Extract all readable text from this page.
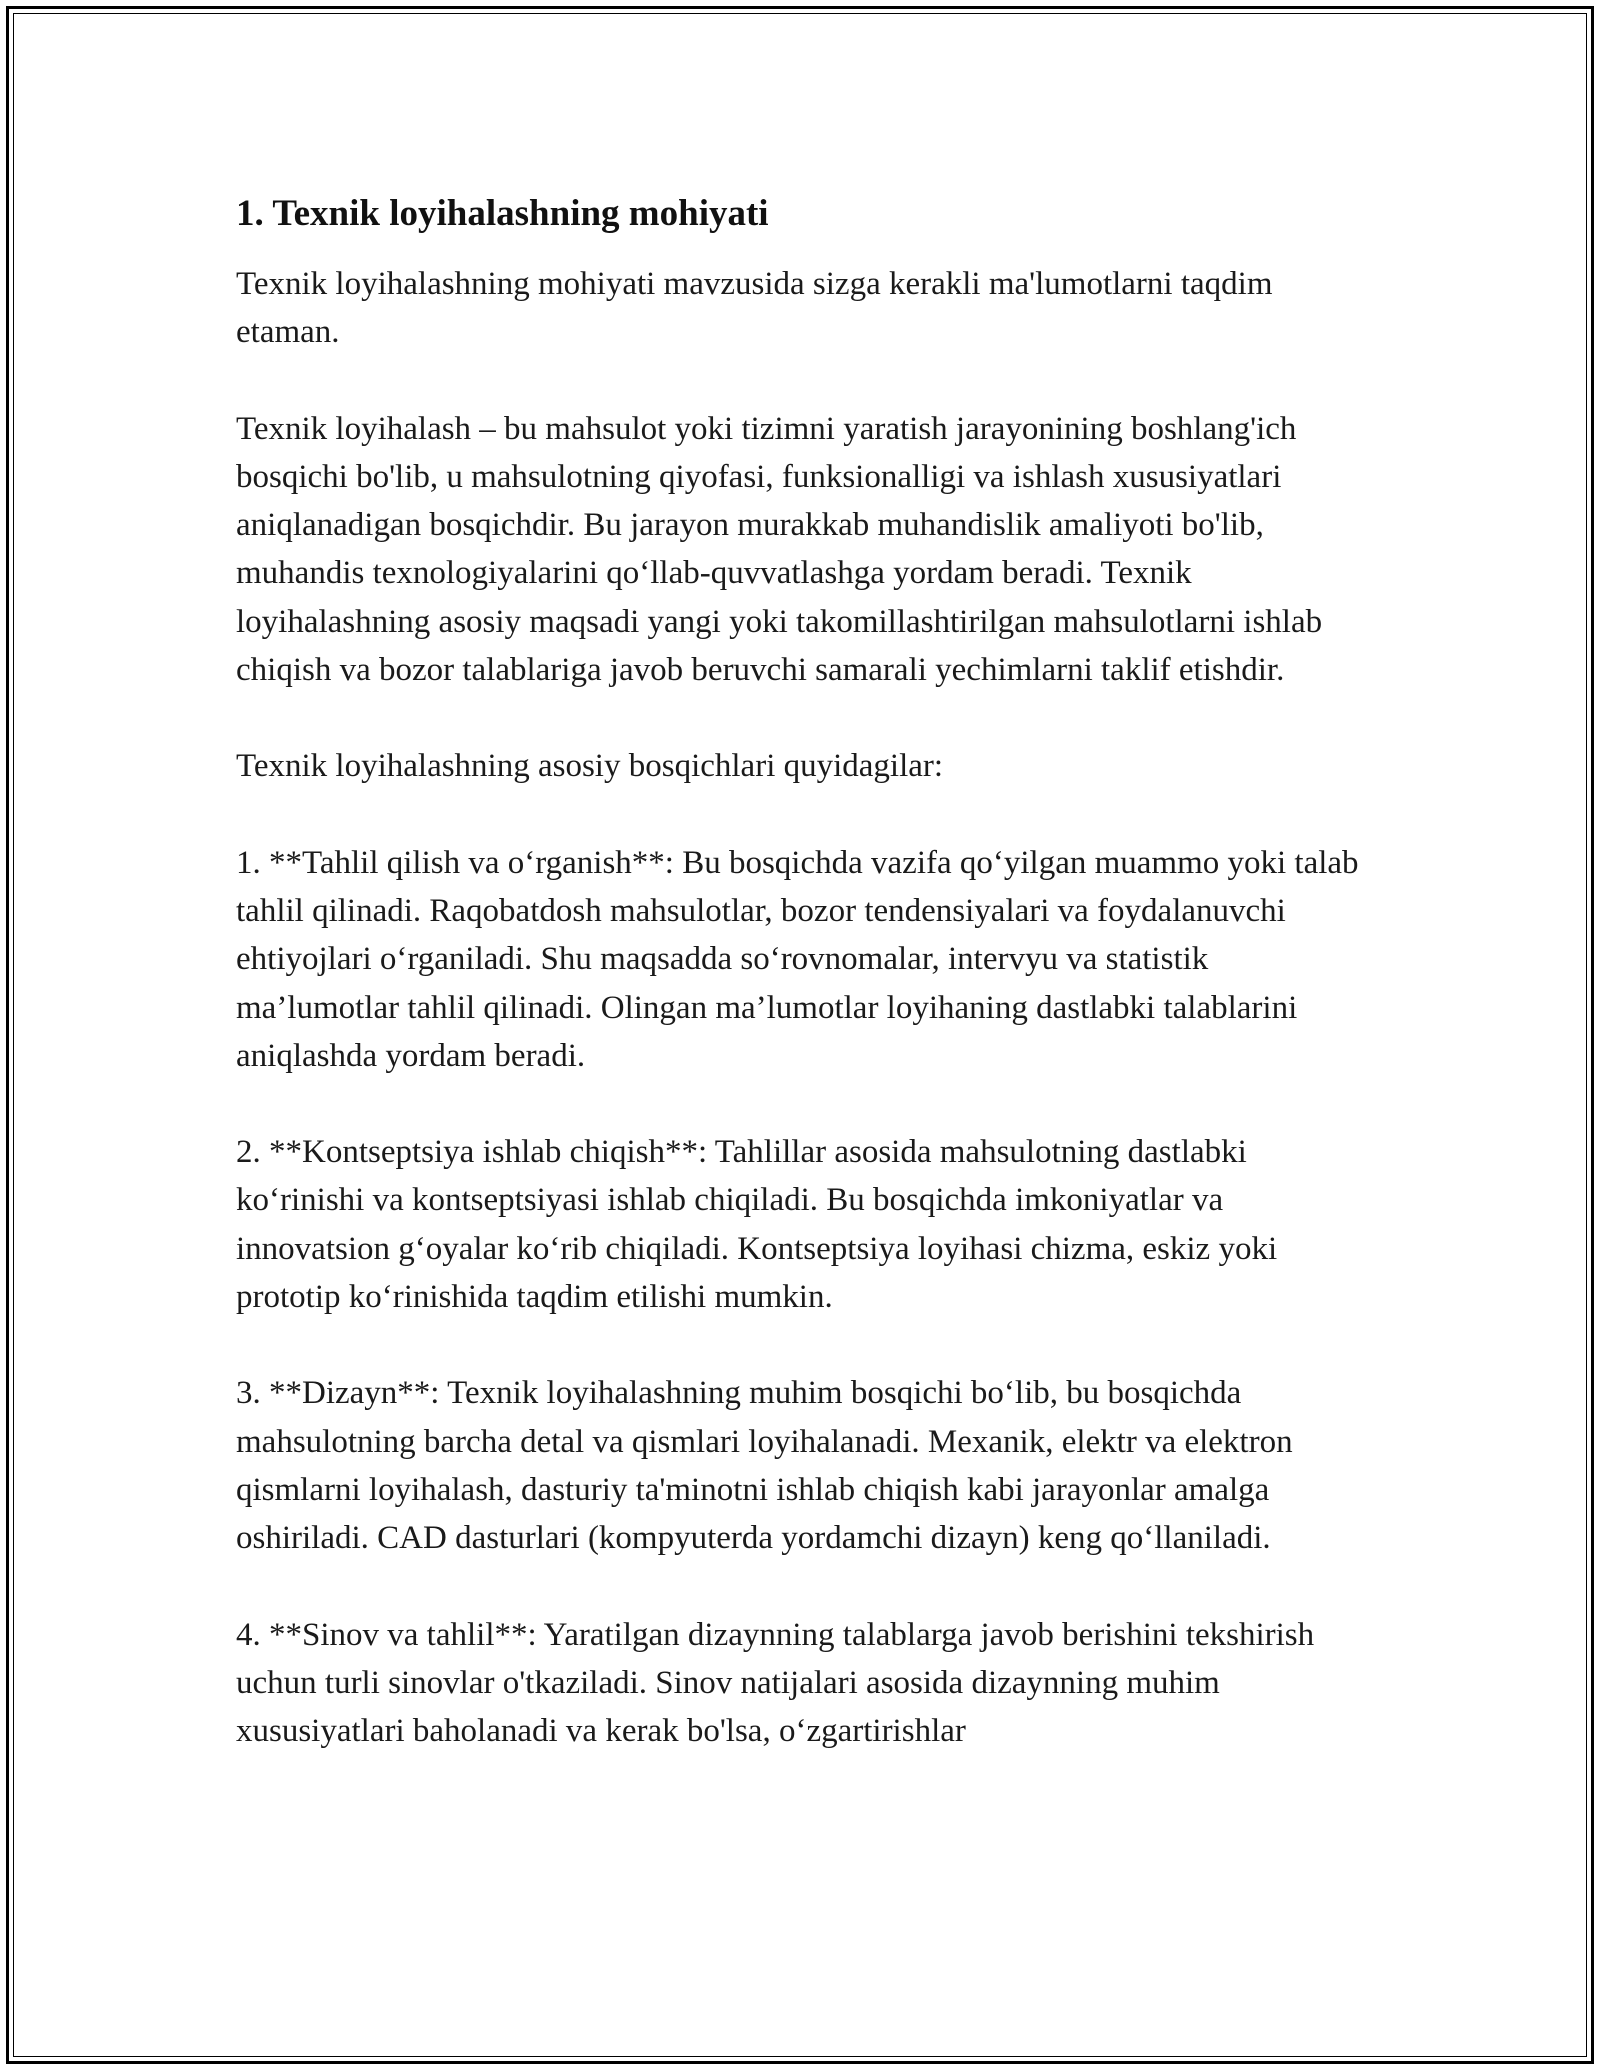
1. Texnik loyihalashning mohiyati

Texnik loyihalashning mohiyati mavzusida sizga kerakli ma'lumotlarni taqdim etaman.

Texnik loyihalash – bu mahsulot yoki tizimni yaratish jarayonining boshlang'ich bosqichi bo'lib, u mahsulotning qiyofasi, funksionalligi va ishlash xususiyatlari aniqlanadigan bosqichdir. Bu jarayon murakkab muhandislik amaliyoti bo'lib, muhandis texnologiyalarini qo‘llab-quvvatlashga yordam beradi. Texnik loyihalashning asosiy maqsadi yangi yoki takomillashtirilgan mahsulotlarni ishlab chiqish va bozor talablariga javob beruvchi samarali yechimlarni taklif etishdir.

Texnik loyihalashning asosiy bosqichlari quyidagilar:

1. **Tahlil qilish va o‘rganish**: Bu bosqichda vazifa qo‘yilgan muammo yoki talab tahlil qilinadi. Raqobatdosh mahsulotlar, bozor tendensiyalari va foydalanuvchi ehtiyojlari o‘rganiladi. Shu maqsadda so‘rovnomalar, intervyu va statistik ma’lumotlar tahlil qilinadi. Olingan ma’lumotlar loyihaning dastlabki talablarini aniqlashda yordam beradi.

2. **Kontseptsiya ishlab chiqish**: Tahlillar asosida mahsulotning dastlabki ko‘rinishi va kontseptsiyasi ishlab chiqiladi. Bu bosqichda imkoniyatlar va innovatsion g‘oyalar ko‘rib chiqiladi. Kontseptsiya loyihasi chizma, eskiz yoki prototip ko‘rinishida taqdim etilishi mumkin.

3. **Dizayn**: Texnik loyihalashning muhim bosqichi bo‘lib, bu bosqichda mahsulotning barcha detal va qismlari loyihalanadi. Mexanik, elektr va elektron qismlarni loyihalash, dasturiy ta'minotni ishlab chiqish kabi jarayonlar amalga oshiriladi. CAD dasturlari (kompyuterda yordamchi dizayn) keng qo‘llaniladi.

4. **Sinov va tahlil**: Yaratilgan dizaynning talablarga javob berishini tekshirish uchun turli sinovlar o'tkaziladi. Sinov natijalari asosida dizaynning muhim xususiyatlari baholanadi va kerak bo'lsa, o‘zgartirishlar
